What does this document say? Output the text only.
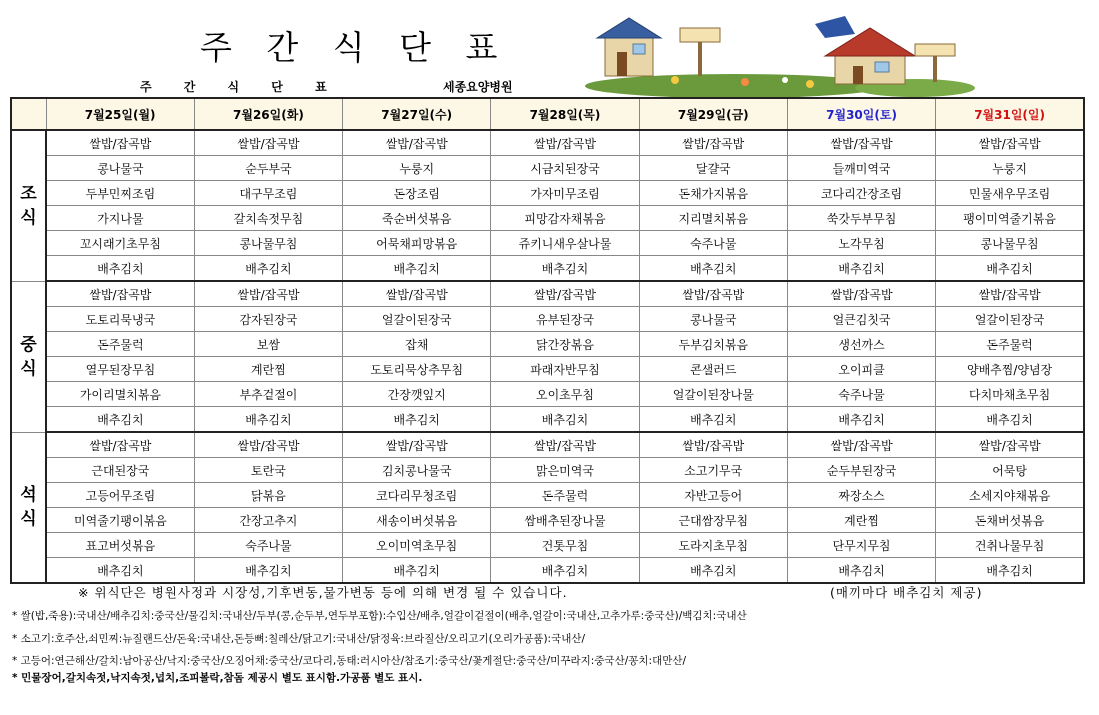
주 간 식 단 표
주 간 식 단 표	세종요양병원
	7월25일(월)	7월26일(화)	7월27일(수)	7월28일(목)	7월29일(금)	7월30일(토)	7월31일(일)
조
식	쌀밥/잡곡밥	쌀밥/잡곡밥	쌀밥/잡곡밥	쌀밥/잡곡밥	쌀밥/잡곡밥	쌀밥/잡곡밥	쌀밥/잡곡밥
	콩나물국	순두부국	누룽지	시금치된장국	달걀국	들깨미역국	누룽지
	두부민찌조림	대구무조림	돈장조림	가자미무조림	돈채가지볶음	코다리간장조림	민물새우무조림
	가지나물	갈치속젓무침	죽순버섯볶음	피망감자채볶음	지리멸치볶음	쑥갓두부무침	팽이미역줄기볶음
	꼬시래기초무침	콩나물무침	어묵채피망볶음	쥬키니새우살나물	숙주나물	노각무침	콩나물무침
	배추김치	배추김치	배추김치	배추김치	배추김치	배추김치	배추김치
중
식	쌀밥/잡곡밥	쌀밥/잡곡밥	쌀밥/잡곡밥	쌀밥/잡곡밥	쌀밥/잡곡밥	쌀밥/잡곡밥	쌀밥/잡곡밥
	도토리묵냉국	감자된장국	얼갈이된장국	유부된장국	콩나물국	얼큰김칫국	얼갈이된장국
	돈주물럭	보쌈	잡채	닭간장볶음	두부김치볶음	생선까스	돈주물럭
	열무된장무침	계란찜	도토리묵상추무침	파래자반무침	콘샐러드	오이피클	양배추찜/양념장
	가이리멸치볶음	부추겉절이	간장깻잎지	오이초무침	얼갈이된장나물	숙주나물	다치마채초무침
	배추김치	배추김치	배추김치	배추김치	배추김치	배추김치	배추김치
석
식	쌀밥/잡곡밥	쌀밥/잡곡밥	쌀밥/잡곡밥	쌀밥/잡곡밥	쌀밥/잡곡밥	쌀밥/잡곡밥	쌀밥/잡곡밥
	근대된장국	토란국	김치콩나물국	맑은미역국	소고기무국	순두부된장국	어묵탕
	고등어무조림	닭볶음	코다리무청조림	돈주물럭	자반고등어	짜장소스	소세지야채볶음
	미역줄기팽이볶음	간장고추지	새송이버섯볶음	쌈배추된장나물	근대쌈장무침	계란찜	돈채버섯볶음
	표고버섯볶음	숙주나물	오이미역초무침	건톳무침	도라지초무침	단무지무침	건취나물무침
	배추김치	배추김치	배추김치	배추김치	배추김치	배추김치	배추김치
※ 위식단은 병원사정과 시장성,기후변동,물가변동 등에 의해 변경 될 수 있습니다.	(매끼마다 배추김치 제공)
* 쌀(밥,죽용):국내산/배추김치:중국산/물김치:국내산/두부(콩,순두부,연두부포함):수입산/배추,얼갈이겉절이(배추,얼갈이:국내산,고추가루:중국산)/백김치:국내산
* 소고기:호주산,쇠민찌:뉴질랜드산/돈육:국내산,돈등뼈:칠레산/닭고기:국내산/닭정육:브라질산/오리고기(오리가공품):국내산/
* 고등어:연근해산/갈치:남아공산/낙지:중국산/오징어채:중국산/코다리,동태:러시아산/참조기:중국산/꽃게절단:중국산/미꾸라지:중국산/꽁치:대만산/
* 민물장어,갈치속젓,낙지속젓,넙치,조피볼락,참돔 제공시 별도 표시함.가공품 별도 표시.
